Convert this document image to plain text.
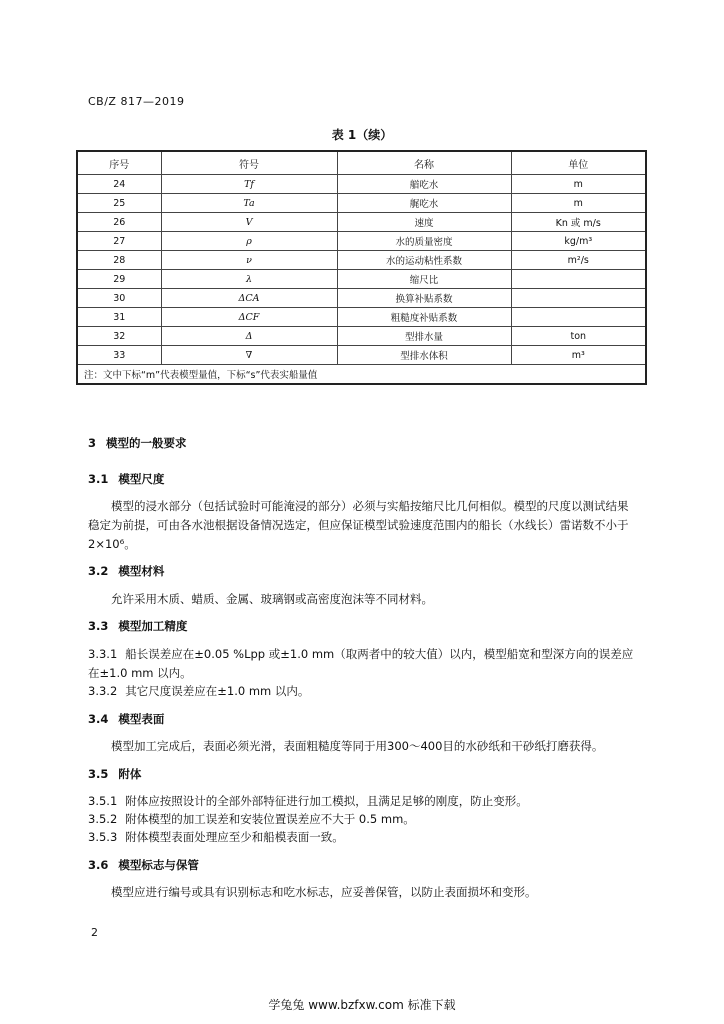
CB/Z 817—2019
表 1（续）
序号	符号	名称	单位
24	Tf	艏吃水	m
25	Ta	艉吃水	m
26	V	速度	Kn 或 m/s
27	ρ	水的质量密度	kg/m³
28	ν	水的运动粘性系数	m²/s
29	λ	缩尺比	
30	ΔCA	换算补贴系数	
31	ΔCF	粗糙度补贴系数	
32	Δ	型排水量	ton
33	∇	型排水体积	m³
注：文中下标“m”代表模型量值，下标“s”代表实船量值			
3 模型的一般要求
3.1 模型尺度
模型的浸水部分（包括试验时可能淹浸的部分）必须与实船按缩尺比几何相似。模型的尺度以测试结果稳定为前提，可由各水池根据设备情况选定，但应保证模型试验速度范围内的船长（水线长）雷诺数不小于2×10⁶。
3.2 模型材料
允许采用木质、蜡质、金属、玻璃钢或高密度泡沫等不同材料。
3.3 模型加工精度
3.3.1 船长误差应在±0.05 %Lpp 或±1.0 mm（取两者中的较大值）以内，模型船宽和型深方向的误差应在±1.0 mm 以内。
3.3.2 其它尺度误差应在±1.0 mm 以内。
3.4 模型表面
模型加工完成后，表面必须光滑，表面粗糙度等同于用300～400目的水砂纸和干砂纸打磨获得。
3.5 附体
3.5.1 附体应按照设计的全部外部特征进行加工模拟，且满足足够的刚度，防止变形。
3.5.2 附体模型的加工误差和安装位置误差应不大于 0.5 mm。
3.5.3 附体模型表面处理应至少和船模表面一致。
3.6 模型标志与保管
模型应进行编号或具有识别标志和吃水标志，应妥善保管，以防止表面损坏和变形。
2
学兔兔 www.bzfxw.com 标准下载
